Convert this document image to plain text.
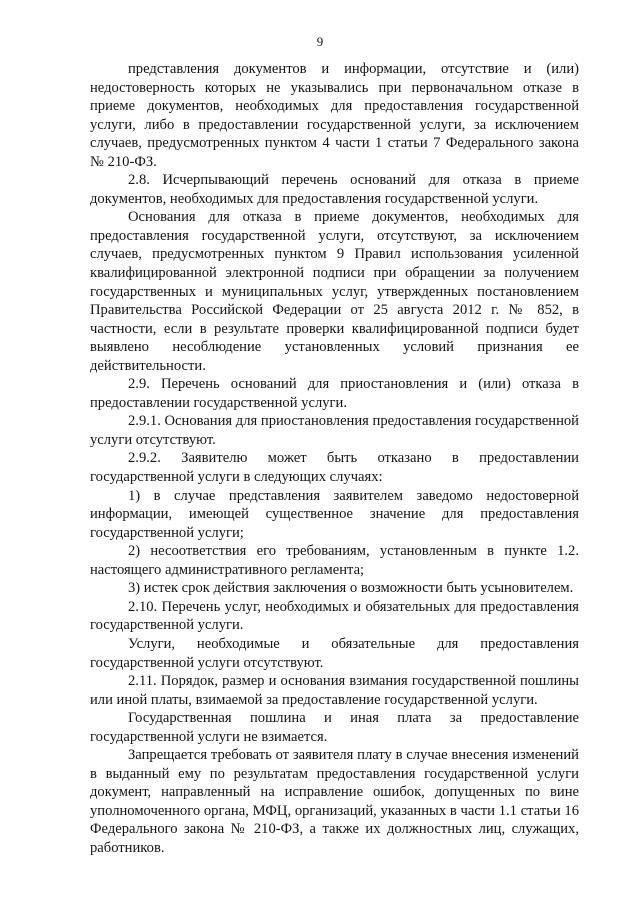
9

представления документов и информации, отсутствие и (или) недостоверность которых не указывались при первоначальном отказе в приеме документов, необходимых для предоставления государственной услуги, либо в предоставлении государственной услуги, за исключением случаев, предусмотренных пунктом 4 части 1 статьи 7 Федерального закона № 210-ФЗ.

2.8. Исчерпывающий перечень оснований для отказа в приеме документов, необходимых для предоставления государственной услуги.

Основания для отказа в приеме документов, необходимых для предоставления государственной услуги, отсутствуют, за исключением случаев, предусмотренных пунктом 9 Правил использования усиленной квалифицированной электронной подписи при обращении за получением государственных и муниципальных услуг, утвержденных постановлением Правительства Российской Федерации от 25 августа 2012 г. № 852, в частности, если в результате проверки квалифицированной подписи будет выявлено несоблюдение установленных условий признания ее действительности.

2.9. Перечень оснований для приостановления и (или) отказа в предоставлении государственной услуги.

2.9.1. Основания для приостановления предоставления государственной услуги отсутствуют.

2.9.2. Заявителю может быть отказано в предоставлении государственной услуги в следующих случаях:

1) в случае представления заявителем заведомо недостоверной информации, имеющей существенное значение для предоставления государственной услуги;

2) несоответствия его требованиям, установленным в пункте 1.2. настоящего административного регламента;

3) истек срок действия заключения о возможности быть усыновителем.

2.10. Перечень услуг, необходимых и обязательных для предоставления государственной услуги.

Услуги, необходимые и обязательные для предоставления государственной услуги отсутствуют.

2.11. Порядок, размер и основания взимания государственной пошлины или иной платы, взимаемой за предоставление государственной услуги.

Государственная пошлина и иная плата за предоставление государственной услуги не взимается.

Запрещается требовать от заявителя плату в случае внесения изменений в выданный ему по результатам предоставления государственной услуги документ, направленный на исправление ошибок, допущенных по вине уполномоченного органа, МФЦ, организаций, указанных в части 1.1 статьи 16 Федерального закона № 210-ФЗ, а также их должностных лиц, служащих, работников.
